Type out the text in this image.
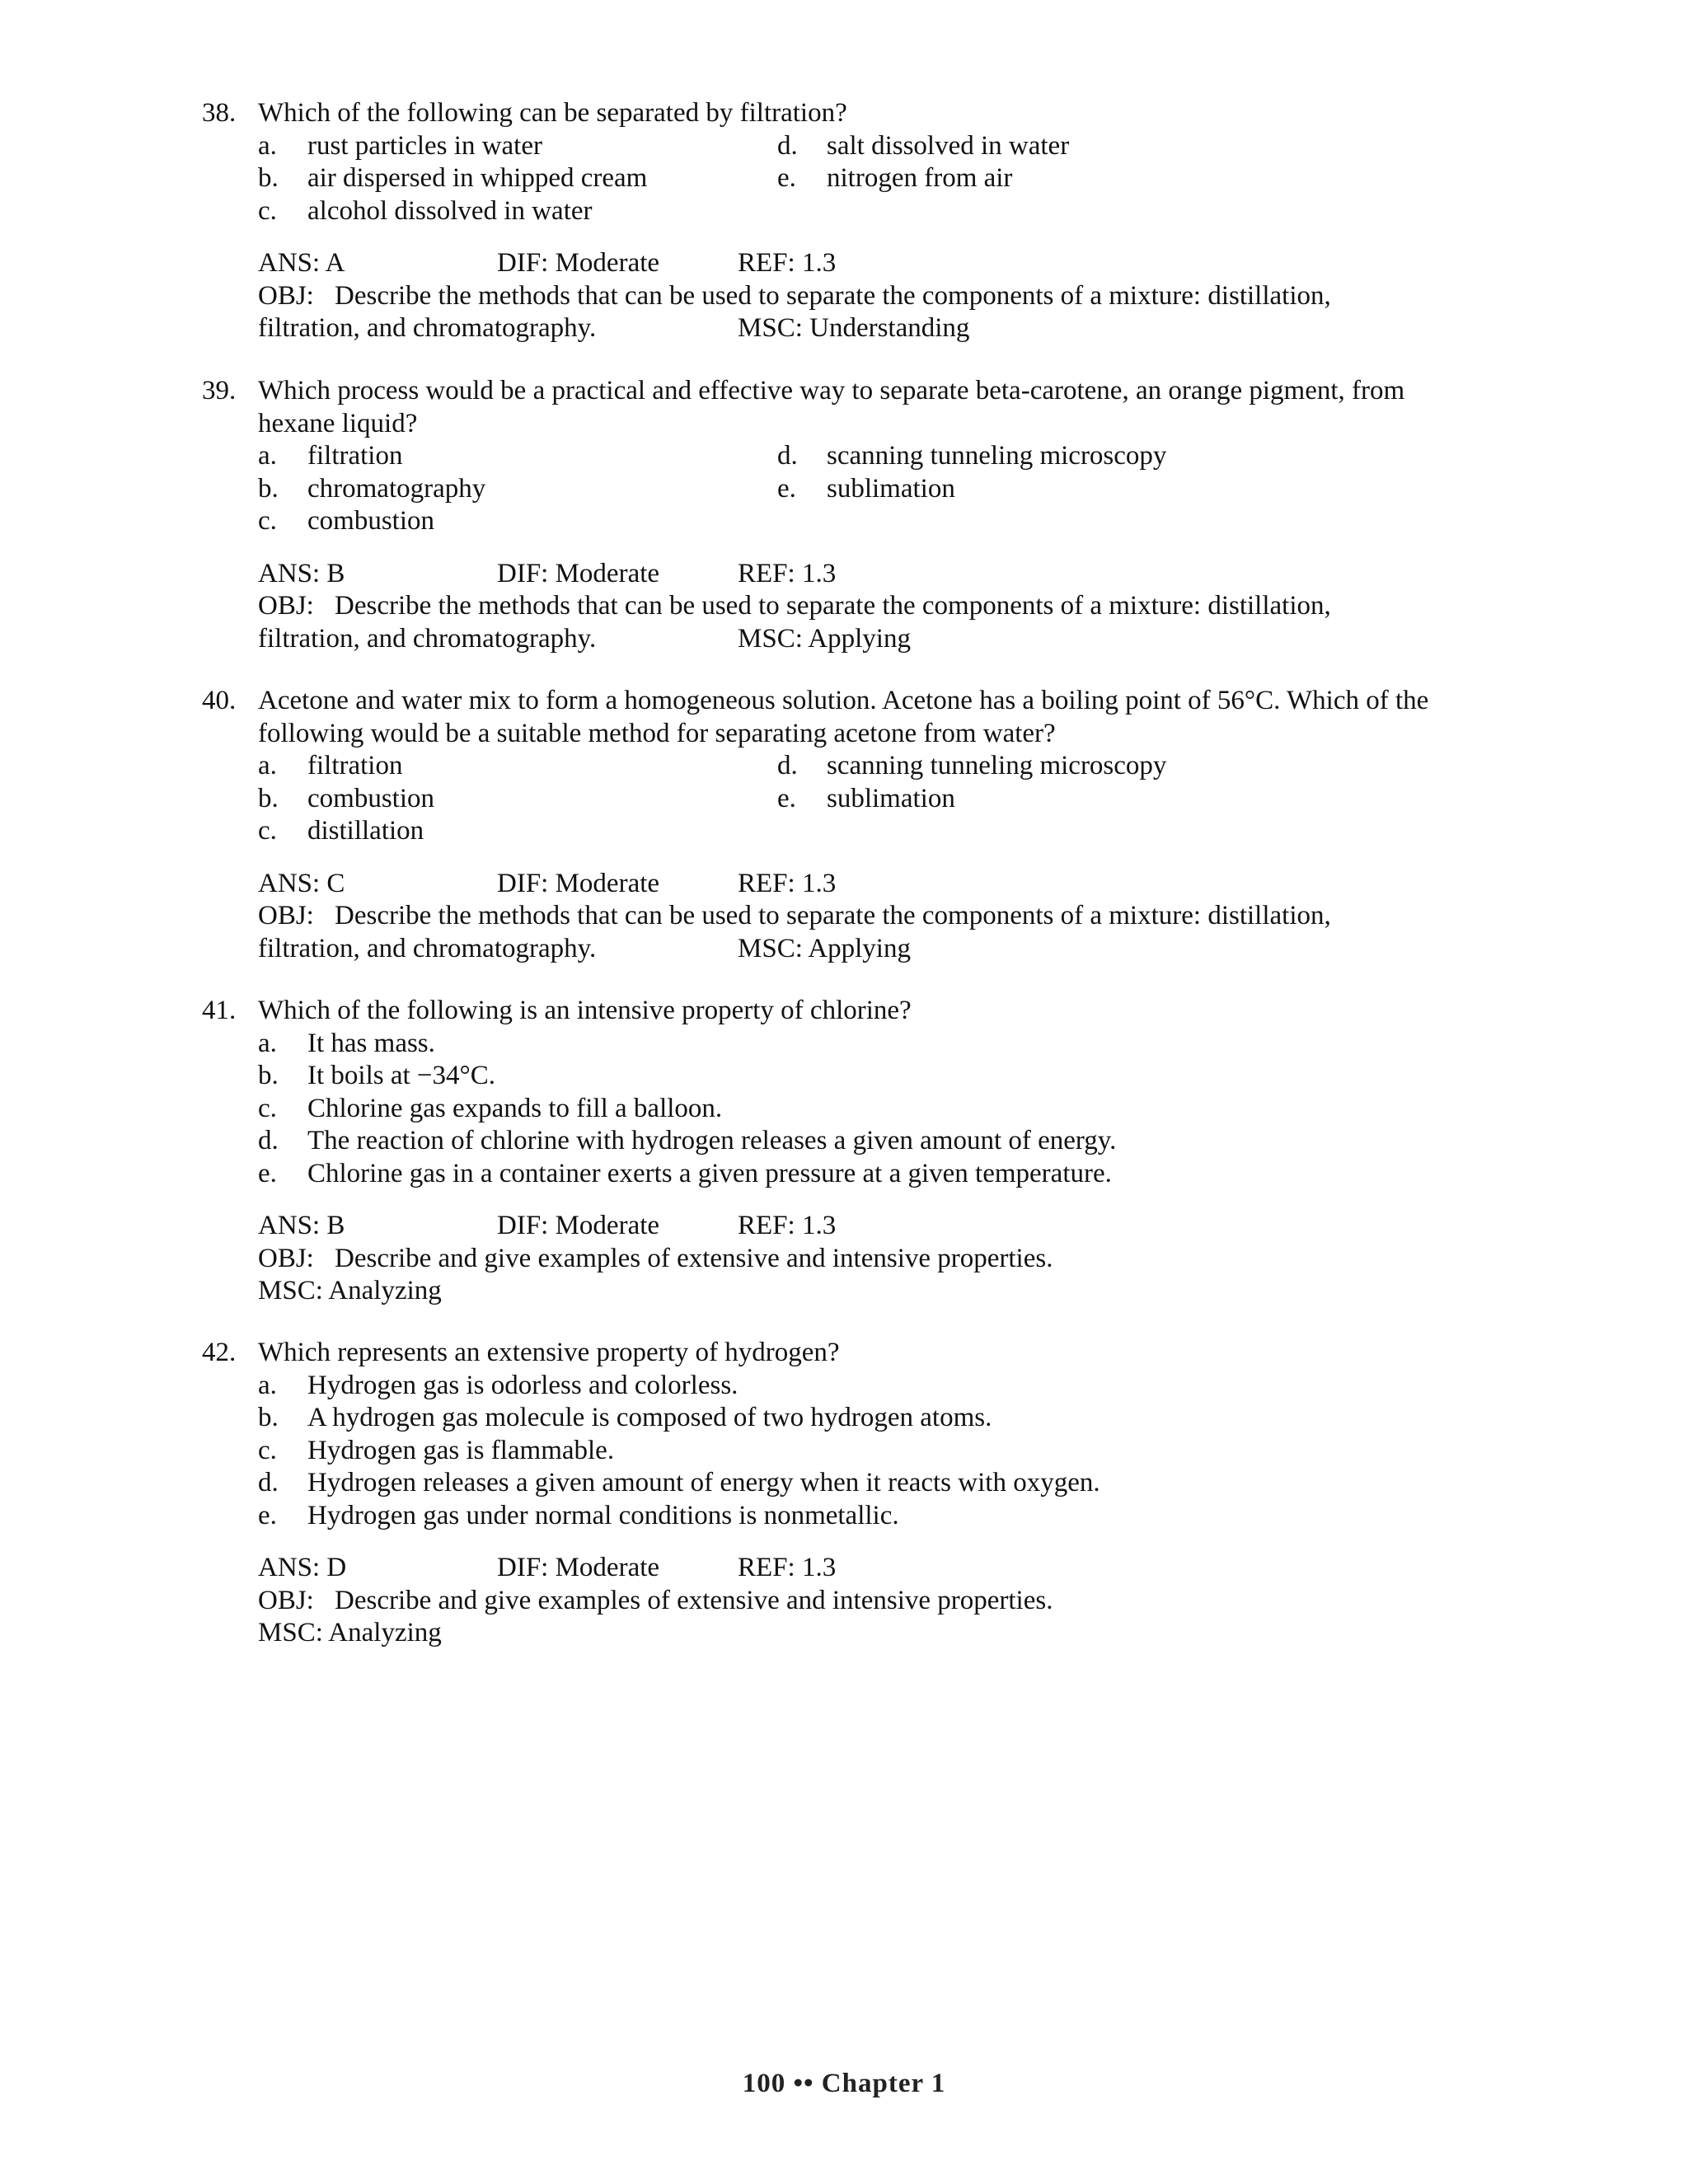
38. Which of the following can be separated by filtration?
a.	rust particles in water	d.	salt dissolved in water
b.	air dispersed in whipped cream	e.	nitrogen from air
c.	alcohol dissolved in water
ANS: A	DIF: Moderate	REF: 1.3
OBJ: Describe the methods that can be used to separate the components of a mixture: distillation,
filtration, and chromatography.	MSC: Understanding
39. Which process would be a practical and effective way to separate beta-carotene, an orange pigment, from hexane liquid?
a.	filtration	d.	scanning tunneling microscopy
b.	chromatography	e.	sublimation
c.	combustion
ANS: B	DIF: Moderate	REF: 1.3
OBJ: Describe the methods that can be used to separate the components of a mixture: distillation,
filtration, and chromatography.	MSC: Applying
40. Acetone and water mix to form a homogeneous solution. Acetone has a boiling point of 56°C. Which of the following would be a suitable method for separating acetone from water?
a.	filtration	d.	scanning tunneling microscopy
b.	combustion	e.	sublimation
c.	distillation
ANS: C	DIF: Moderate	REF: 1.3
OBJ: Describe the methods that can be used to separate the components of a mixture: distillation,
filtration, and chromatography.	MSC: Applying
41. Which of the following is an intensive property of chlorine?
a.	It has mass.
b.	It boils at −34°C.
c.	Chlorine gas expands to fill a balloon.
d.	The reaction of chlorine with hydrogen releases a given amount of energy.
e.	Chlorine gas in a container exerts a given pressure at a given temperature.
ANS: B	DIF: Moderate	REF: 1.3
OBJ: Describe and give examples of extensive and intensive properties.
MSC: Analyzing
42. Which represents an extensive property of hydrogen?
a.	Hydrogen gas is odorless and colorless.
b.	A hydrogen gas molecule is composed of two hydrogen atoms.
c.	Hydrogen gas is flammable.
d.	Hydrogen releases a given amount of energy when it reacts with oxygen.
e.	Hydrogen gas under normal conditions is nonmetallic.
ANS: D	DIF: Moderate	REF: 1.3
OBJ: Describe and give examples of extensive and intensive properties.
MSC: Analyzing
100 •• Chapter 1
